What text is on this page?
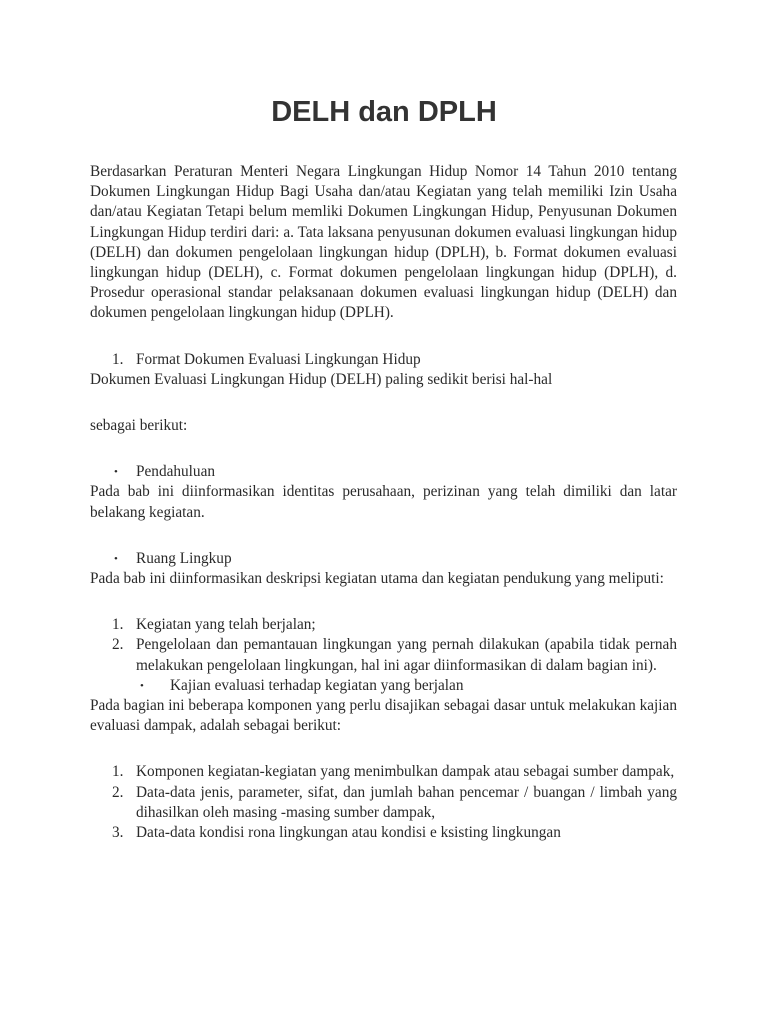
DELH dan DPLH

Berdasarkan Peraturan Menteri Negara Lingkungan Hidup Nomor 14 Tahun 2010 tentang Dokumen Lingkungan Hidup Bagi Usaha dan/atau Kegiatan yang telah memiliki Izin Usaha dan/atau Kegiatan Tetapi belum memliki Dokumen Lingkungan Hidup, Penyusunan Dokumen Lingkungan Hidup terdiri dari: a. Tata laksana penyusunan dokumen evaluasi lingkungan hidup (DELH) dan dokumen pengelolaan lingkungan hidup (DPLH), b. Format dokumen evaluasi lingkungan hidup (DELH), c. Format dokumen pengelolaan lingkungan hidup (DPLH), d. Prosedur operasional standar pelaksanaan dokumen evaluasi lingkungan hidup (DELH) dan dokumen pengelolaan lingkungan hidup (DPLH).

1. Format Dokumen Evaluasi Lingkungan Hidup

Dokumen Evaluasi Lingkungan Hidup (DELH) paling sedikit berisi hal-hal

sebagai berikut:

• Pendahuluan

Pada bab ini diinformasikan identitas perusahaan, perizinan yang telah dimiliki dan latar belakang kegiatan.

• Ruang Lingkup

Pada bab ini diinformasikan deskripsi kegiatan utama dan kegiatan pendukung yang meliputi:

1. Kegiatan yang telah berjalan;
2. Pengelolaan dan pemantauan lingkungan yang pernah dilakukan (apabila tidak pernah melakukan pengelolaan lingkungan, hal ini agar diinformasikan di dalam bagian ini).
• Kajian evaluasi terhadap kegiatan yang berjalan

Pada bagian ini beberapa komponen yang perlu disajikan sebagai dasar untuk melakukan kajian evaluasi dampak, adalah sebagai berikut:

1. Komponen kegiatan-kegiatan yang menimbulkan dampak atau sebagai sumber dampak,
2. Data-data jenis, parameter, sifat, dan jumlah bahan pencemar / buangan / limbah yang dihasilkan oleh masing -masing sumber dampak,
3. Data-data kondisi rona lingkungan atau kondisi e ksisting lingkungan
